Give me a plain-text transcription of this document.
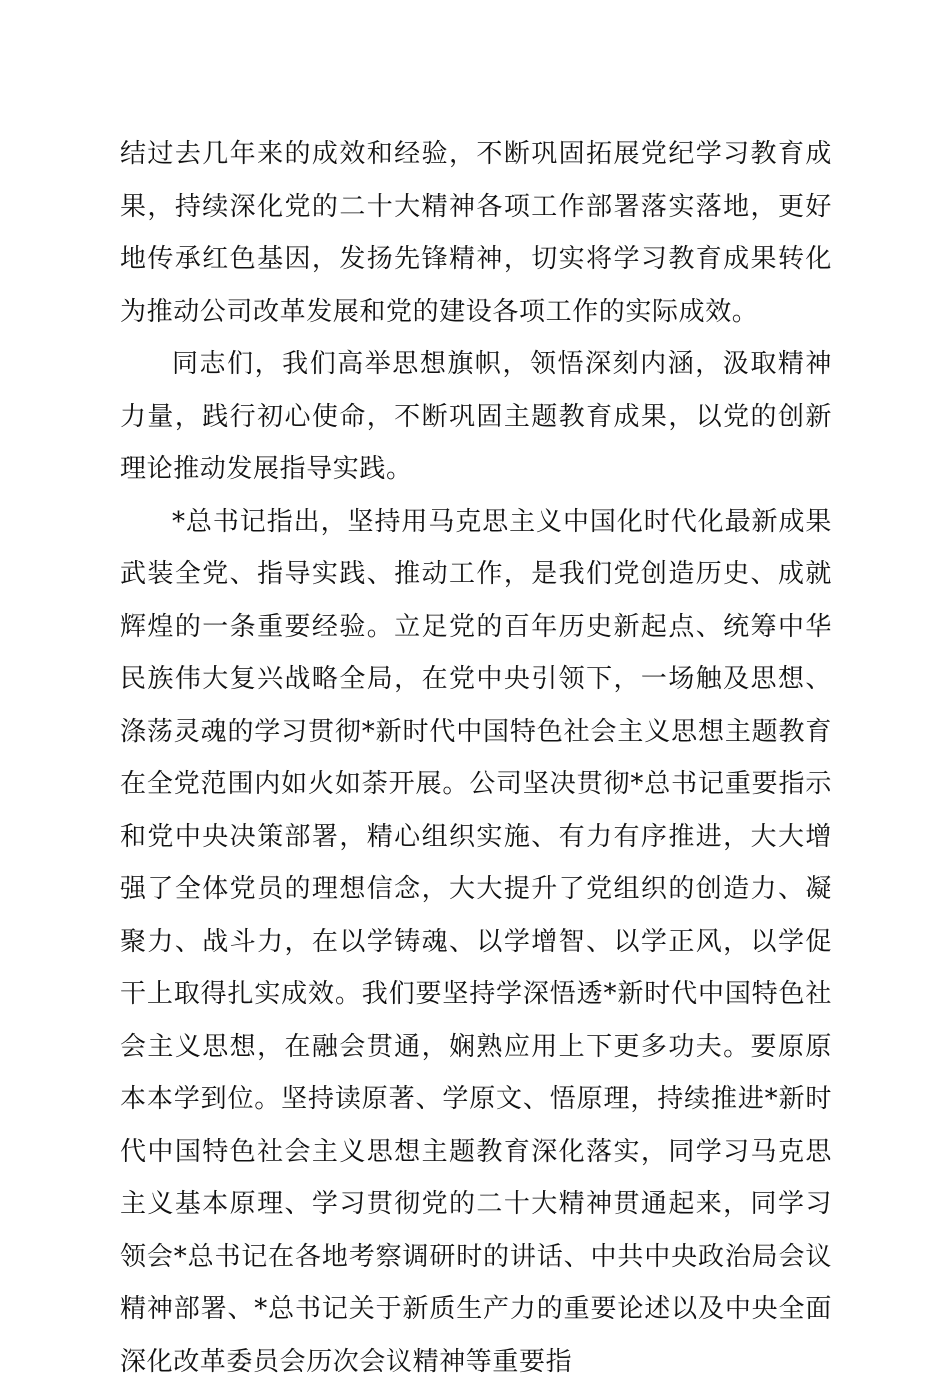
结过去几年来的成效和经验，不断巩固拓展党纪学习教育成果，持续深化党的二十大精神各项工作部署落实落地，更好地传承红色基因，发扬先锋精神，切实将学习教育成果转化为推动公司改革发展和党的建设各项工作的实际成效。

同志们，我们高举思想旗帜，领悟深刻内涵，汲取精神力量，践行初心使命，不断巩固主题教育成果，以党的创新理论推动发展指导实践。

*总书记指出，坚持用马克思主义中国化时代化最新成果武装全党、指导实践、推动工作，是我们党创造历史、成就辉煌的一条重要经验。立足党的百年历史新起点、统筹中华民族伟大复兴战略全局，在党中央引领下，一场触及思想、涤荡灵魂的学习贯彻*新时代中国特色社会主义思想主题教育在全党范围内如火如荼开展。公司坚决贯彻*总书记重要指示和党中央决策部署，精心组织实施、有力有序推进，大大增强了全体党员的理想信念，大大提升了党组织的创造力、凝聚力、战斗力，在以学铸魂、以学增智、以学正风，以学促干上取得扎实成效。我们要坚持学深悟透*新时代中国特色社会主义思想，在融会贯通，娴熟应用上下更多功夫。要原原本本学到位。坚持读原著、学原文、悟原理，持续推进*新时代中国特色社会主义思想主题教育深化落实，同学习马克思主义基本原理、学习贯彻党的二十大精神贯通起来，同学习领会*总书记在各地考察调研时的讲话、中共中央政治局会议精神部署、*总书记关于新质生产力的重要论述以及中央全面深化改革委员会历次会议精神等重要指
